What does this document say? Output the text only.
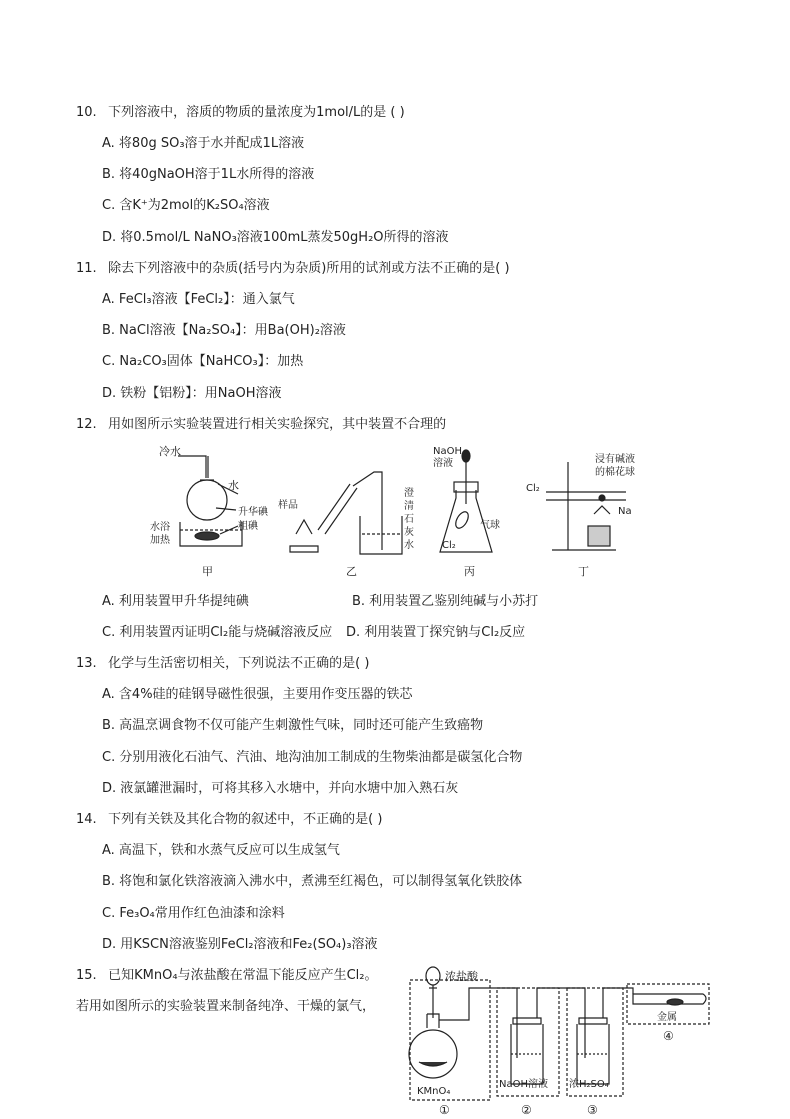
10. 下列溶液中，溶质的物质的量浓度为1mol/L的是 ( )
A. 将80g SO₃溶于水并配成1L溶液
B. 将40gNaOH溶于1L水所得的溶液
C. 含K⁺为2mol的K₂SO₄溶液
D. 将0.5mol/L NaNO₃溶液100mL蒸发50gH₂O所得的溶液
11. 除去下列溶液中的杂质(括号内为杂质)所用的试剂或方法不正确的是( )
A. FeCl₃溶液【FeCl₂】：通入氯气
B. NaCl溶液【Na₂SO₄】：用Ba(OH)₂溶液
C. Na₂CO₃固体【NaHCO₃】：加热
D. 铁粉【铝粉】：用NaOH溶液
12. 用如图所示实验装置进行相关实验探究，其中装置不合理的
冷水
水
升华碘
粗碘
水浴
加热
甲
样品
澄
清
石
灰
水
乙
NaOH
溶液
气球
Cl₂
丙
Cl₂
浸有碱液
的棉花球
Na
丁
A. 利用装置甲升华提纯碘	B. 利用装置乙鉴别纯碱与小苏打
C. 利用装置丙证明Cl₂能与烧碱溶液反应 D. 利用装置丁探究钠与Cl₂反应
13. 化学与生活密切相关，下列说法不正确的是( )
A. 含4%硅的硅钢导磁性很强，主要用作变压器的铁芯
B. 高温烹调食物不仅可能产生刺激性气味，同时还可能产生致癌物
C. 分别用液化石油气、汽油、地沟油加工制成的生物柴油都是碳氢化合物
D. 液氯罐泄漏时，可将其移入水塘中，并向水塘中加入熟石灰
14. 下列有关铁及其化合物的叙述中，不正确的是( )
A. 高温下，铁和水蒸气反应可以生成氢气
B. 将饱和氯化铁溶液滴入沸水中，煮沸至红褐色，可以制得氢氧化铁胶体
C. Fe₃O₄常用作红色油漆和涂料
D. 用KSCN溶液鉴别FeCl₂溶液和Fe₂(SO₄)₃溶液
15. 已知KMnO₄与浓盐酸在常温下能反应产生Cl₂。
若用如图所示的实验装置来制备纯净、干燥的氯气，
浓盐酸
KMnO₄
NaOH溶液 浓H₂SO₄
金属
①	②	③
④
